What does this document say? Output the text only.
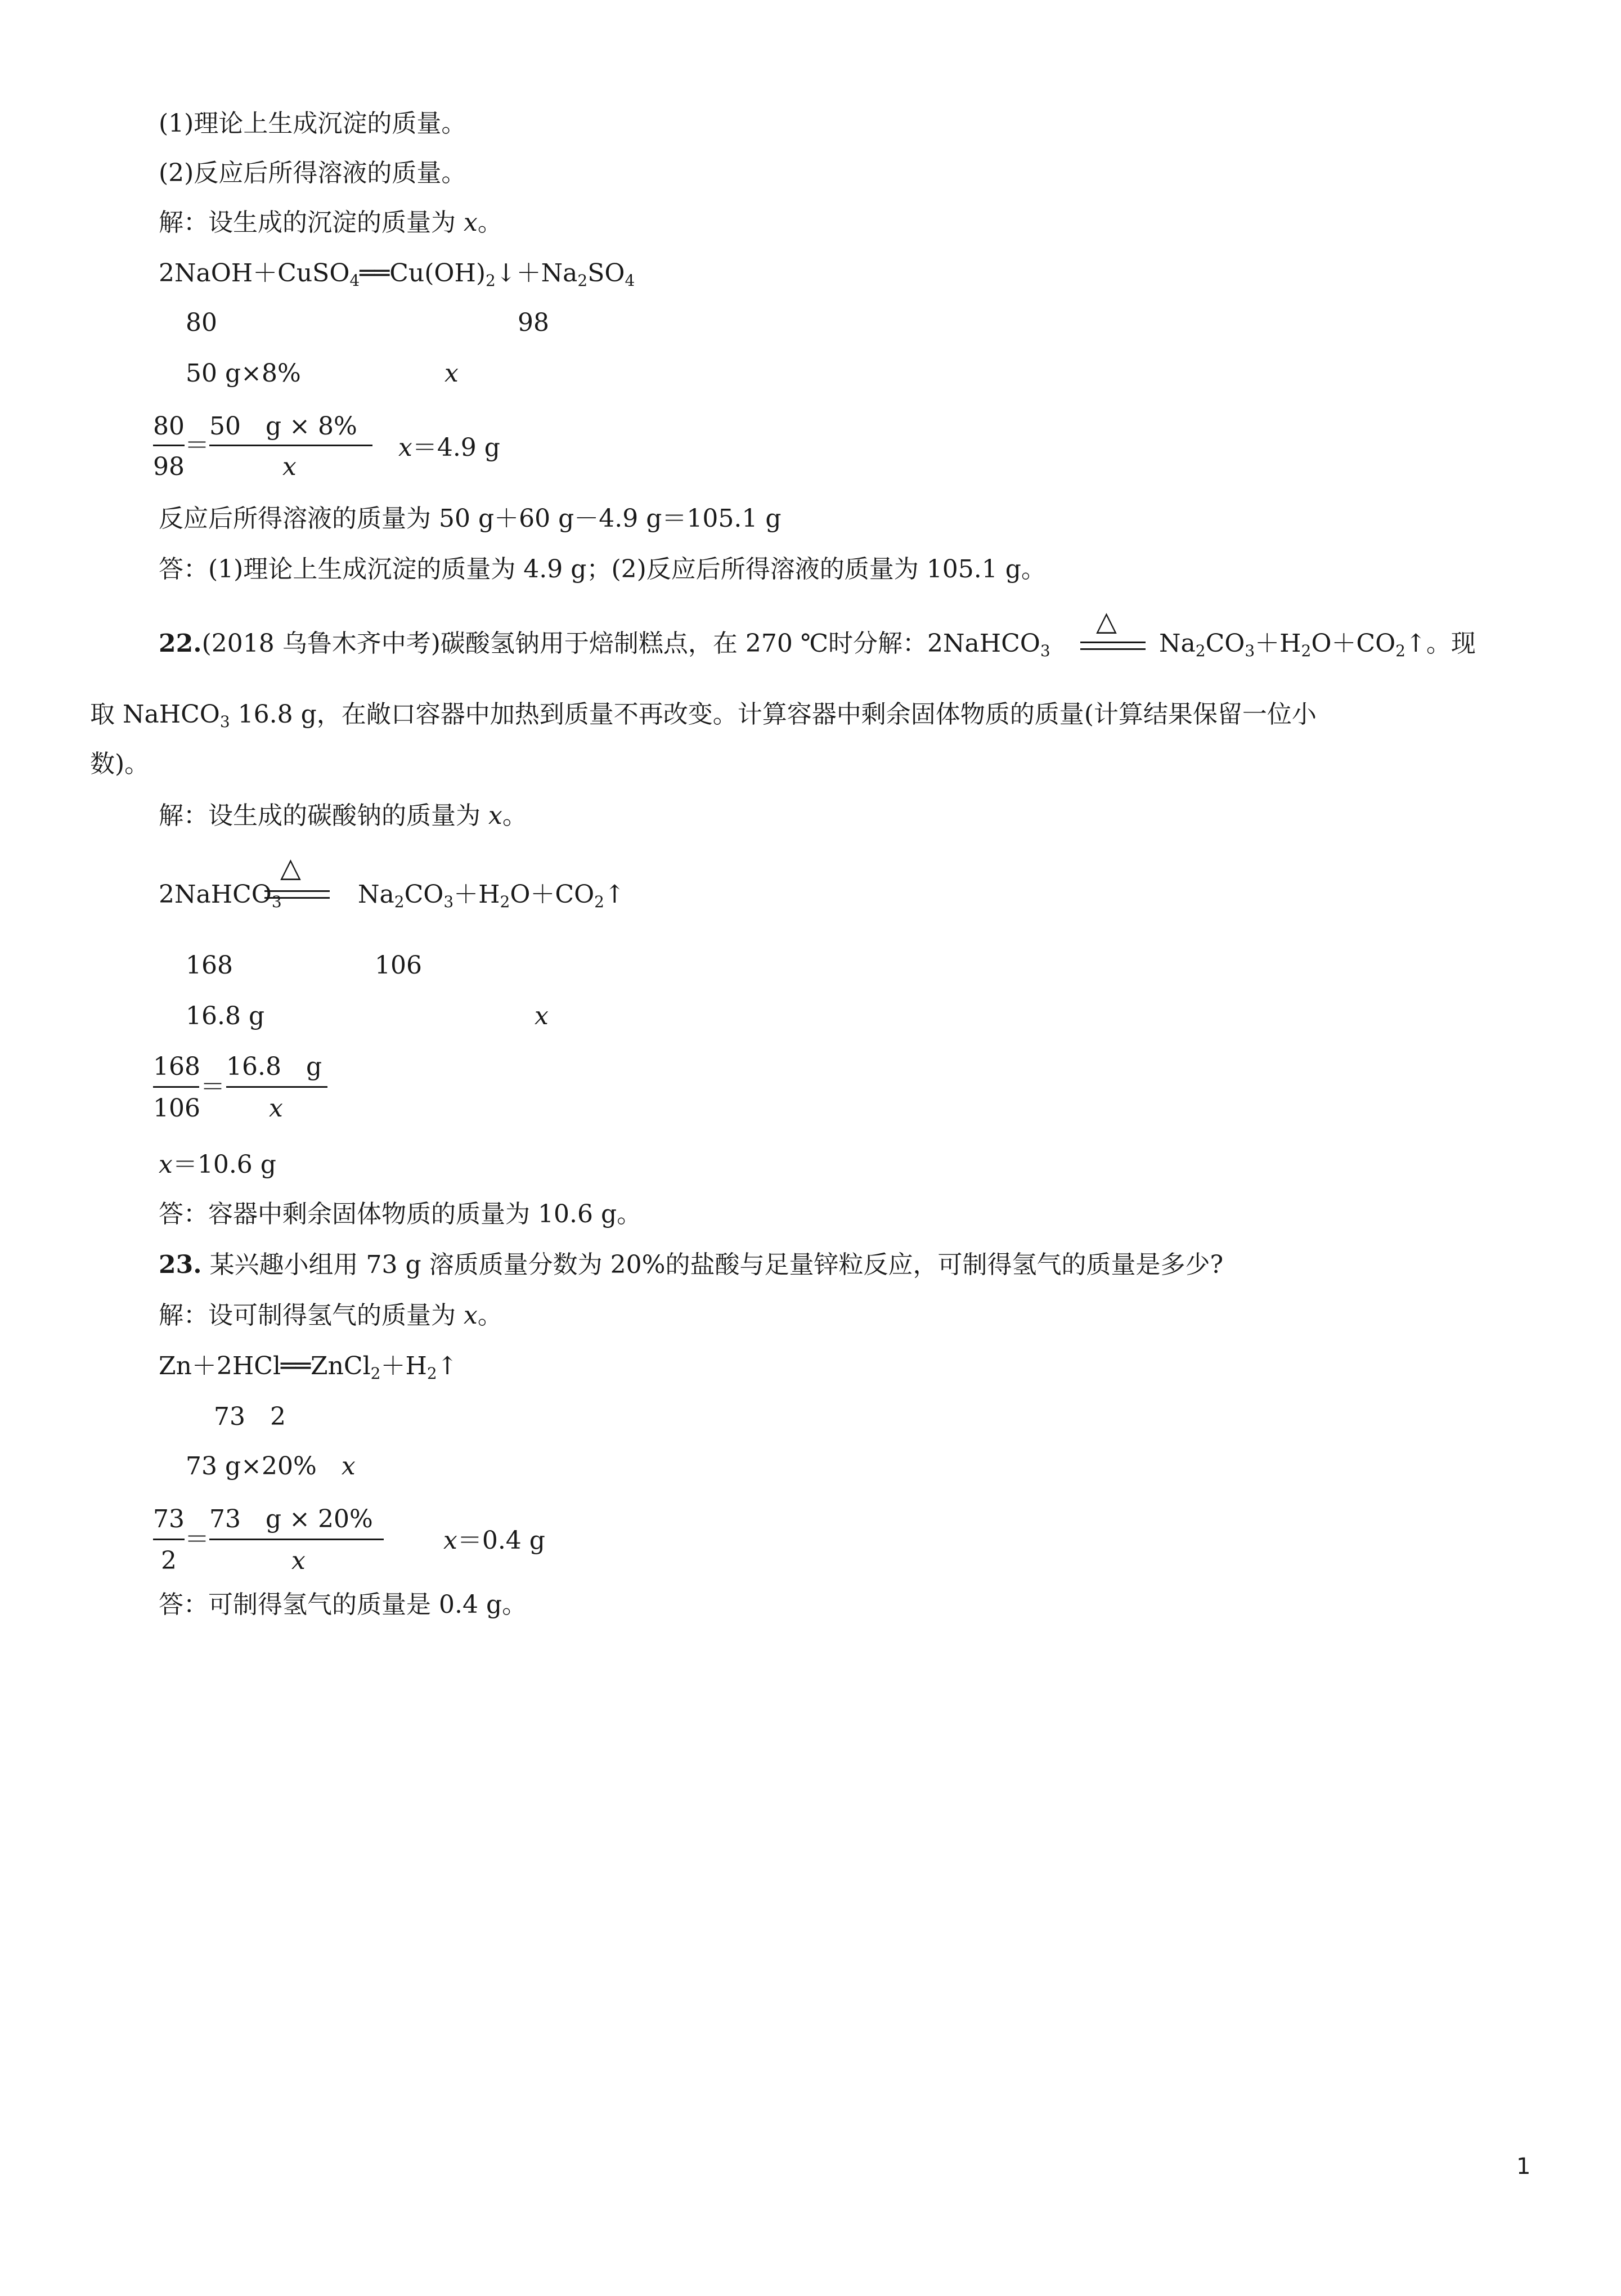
(1)理论上生成沉淀的质量。
(2)反应后所得溶液的质量。
解：设生成的沉淀的质量为 x。
$2NaOH+CuSO_4══Cu(OH)_2↓+Na_2SO_4$
80	98
50 g×8%	x
80
98
＝
50　g × 8%
x
x＝4.9 g
反应后所得溶液的质量为 50 g＋60 g－4.9 g＝105.1 g
答：(1)理论上生成沉淀的质量为 4.9 g；(2)反应后所得溶液的质量为 105.1 g。
22.(2018 乌鲁木齐中考)碳酸氢钠用于焙制糕点，在 270 ℃时分解：2NaHCO$_3$
△
$Na_2CO_3+H_2O+CO_2↑$。现
取 NaHCO$_3$ 16.8 g，在敞口容器中加热到质量不再改变。计算容器中剩余固体物质的质量(计算结果保留一位小
数)。
解：设生成的碳酸钠的质量为 x。
2NaHCO$_3$
△
$Na_2CO_3+H_2O+CO_2↑$
168	106
16.8 g	x
168
106
＝
16.8　g
x
x＝10.6 g
答：容器中剩余固体物质的质量为 10.6 g。
23. 某兴趣小组用 73 g 溶质质量分数为 20%的盐酸与足量锌粒反应，可制得氢气的质量是多少?
解：设可制得氢气的质量为 x。
$Zn+2HCl══ZnCl_2+H_2↑$
73　2
73 g×20%　 x
73
2
＝
73　g × 20%
x
x＝0.4 g
答：可制得氢气的质量是 0.4 g。
1
